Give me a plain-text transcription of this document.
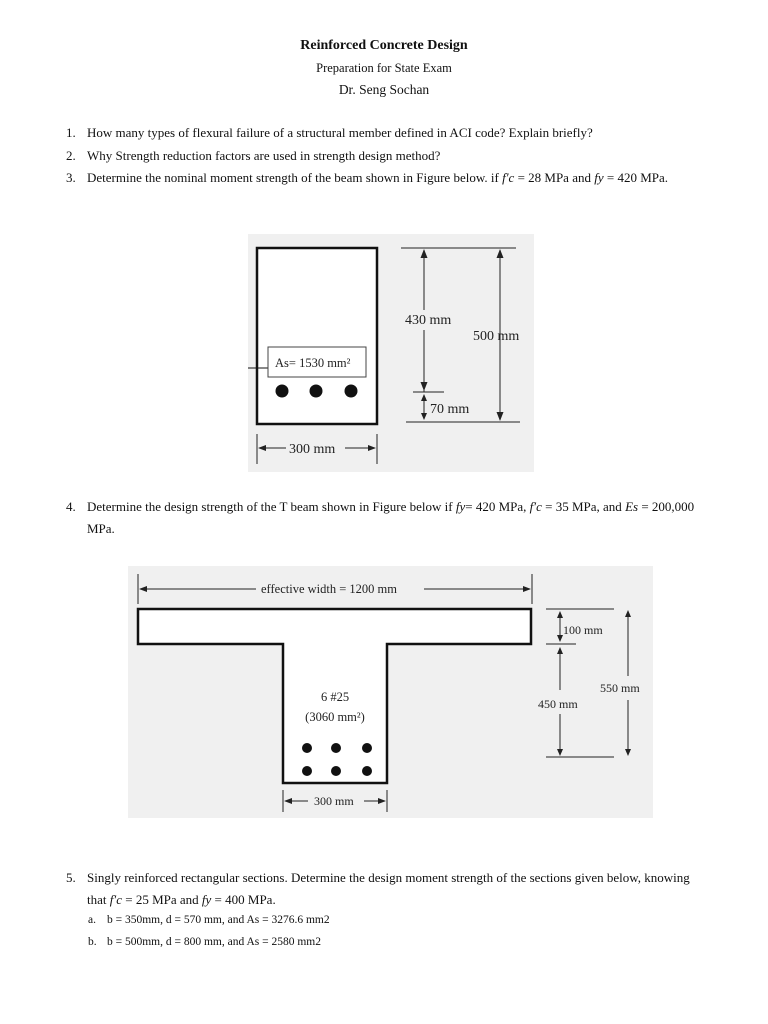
Reinforced Concrete Design
Preparation for State Exam
Dr. Seng Sochan
1. How many types of flexural failure of a structural member defined in ACI code? Explain briefly?
2. Why Strength reduction factors are used in strength design method?
3. Determine the nominal moment strength of the beam shown in Figure below. if f′c = 28 MPa and fy = 420 MPa.
As= 1530 mm²
430 mm
500 mm
70 mm
300 mm
4. Determine the design strength of the T beam shown in Figure below if fy= 420 MPa, f′c = 35 MPa, and Es = 200,000 MPa.
effective width = 1200 mm
6 #25
(3060 mm²)
100 mm
450 mm
550 mm
300 mm
5. Singly reinforced rectangular sections. Determine the design moment strength of the sections given below, knowing that f′c = 25 MPa and fy = 400 MPa.
a. b = 350mm, d = 570 mm, and As = 3276.6 mm2
b. b = 500mm, d = 800 mm, and As = 2580 mm2
